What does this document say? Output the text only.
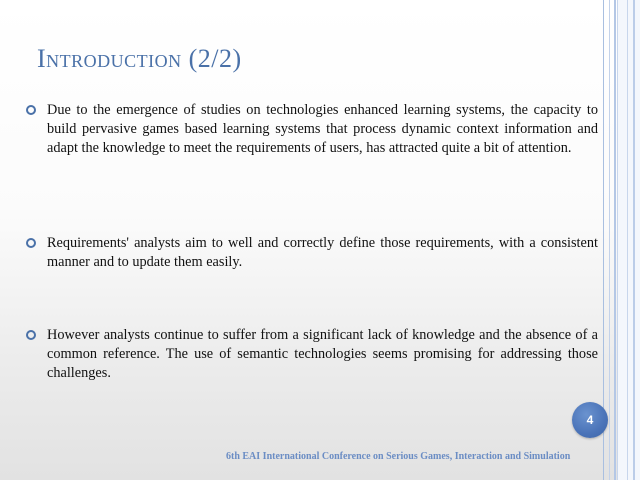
Introduction (2/2)
Due to the emergence of studies on technologies enhanced learning systems, the capacity to build pervasive games based learning systems that process dynamic context information and adapt the knowledge to meet the requirements of users, has attracted quite a bit of attention.
Requirements' analysts aim to well and correctly define those requirements, with a consistent manner and to update them easily.
However analysts continue to suffer from a significant lack of knowledge and the absence of a common reference. The use of semantic technologies seems promising for addressing those challenges.
4
6th EAI International Conference on Serious Games, Interaction and Simulation
